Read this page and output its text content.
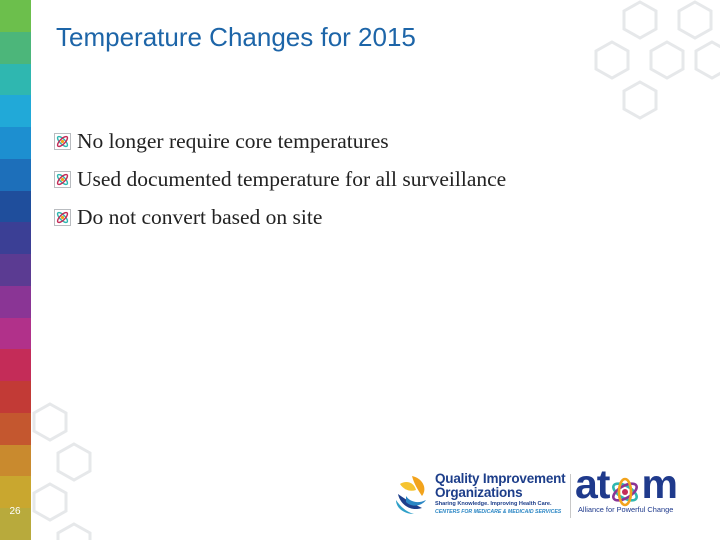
Temperature Changes for 2015
No longer require core temperatures
Used documented temperature for all surveillance
Do not convert based on site
26
Quality Improvement
Organizations
Sharing Knowledge. Improving Health Care.
CENTERS FOR MEDICARE & MEDICAID SERVICES
at m
Alliance for Powerful Change
